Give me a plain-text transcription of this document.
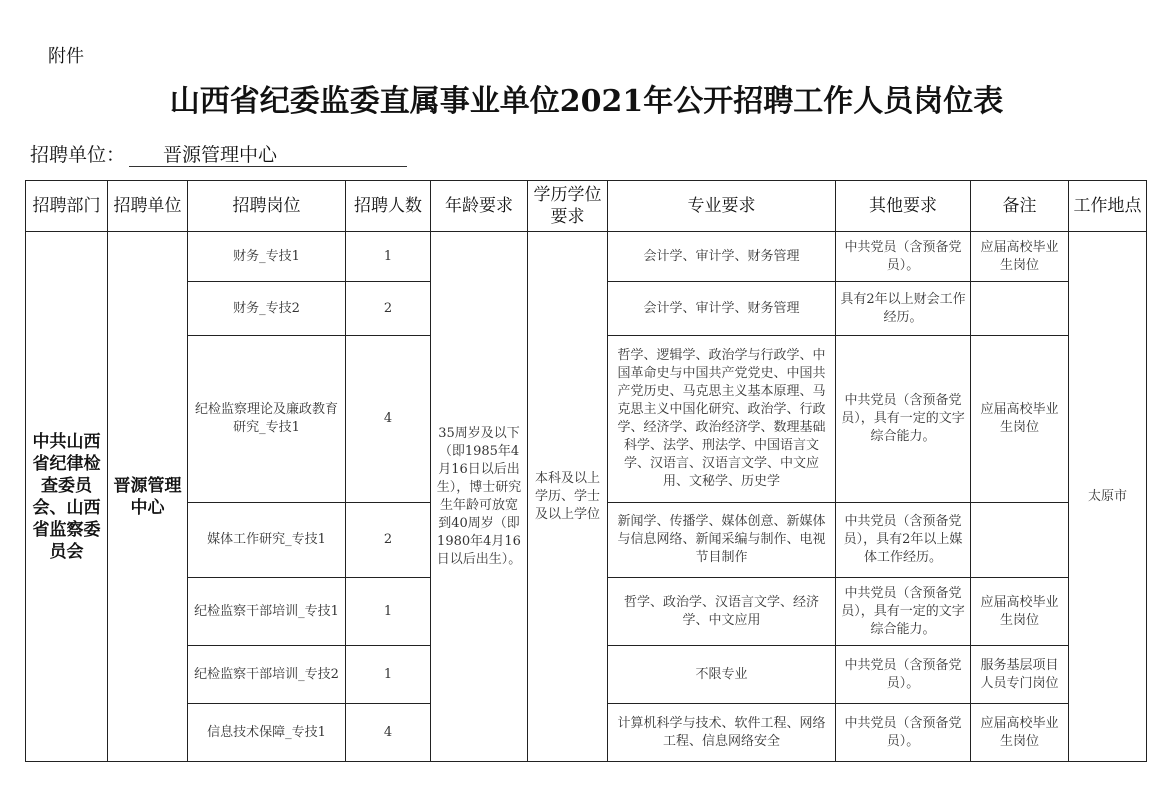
附件
山西省纪委监委直属事业单位2021年公开招聘工作人员岗位表
招聘单位：	晋源管理中心
招聘部门	招聘单位	招聘岗位	招聘人数	年龄要求	学历学位要求	专业要求	其他要求	备注	工作地点
中共山西省纪律检查委员会、山西省监察委员会	晋源管理中心	财务_专技1	1	35周岁及以下（即1985年4 月16日以后出生），博士研究生年龄可放宽到40周岁（即1980年4月16日以后出生）。	本科及以上学历、学士及以上学位	会计学、审计学、财务管理	中共党员（含预备党员）。	应届高校毕业生岗位	太原市
		财务_专技2	2			会计学、审计学、财务管理	具有2年以上财会工作经历。		
		纪检监察理论及廉政教育研究_专技1	4			哲学、逻辑学、政治学与行政学、中国革命史与中国共产党党史、中国共产党历史、马克思主义基本原理、马克思主义中国化研究、政治学、行政学、经济学、政治经济学、数理基础科学、法学、刑法学、中国语言文学、汉语言、汉语言文学、中文应用、文秘学、历史学	中共党员（含预备党员），具有一定的文字综合能力。	应届高校毕业生岗位	
		媒体工作研究_专技1	2			新闻学、传播学、媒体创意、新媒体与信息网络、新闻采编与制作、电视节目制作	中共党员（含预备党员），具有2年以上媒体工作经历。		
		纪检监察干部培训_专技1	1			哲学、政治学、汉语言文学、经济学、中文应用	中共党员（含预备党员），具有一定的文字综合能力。	应届高校毕业生岗位	
		纪检监察干部培训_专技2	1			不限专业	中共党员（含预备党员）。	服务基层项目人员专门岗位	
		信息技术保障_专技1	4			计算机科学与技术、软件工程、网络工程、信息网络安全	中共党员（含预备党员）。	应届高校毕业生岗位	
